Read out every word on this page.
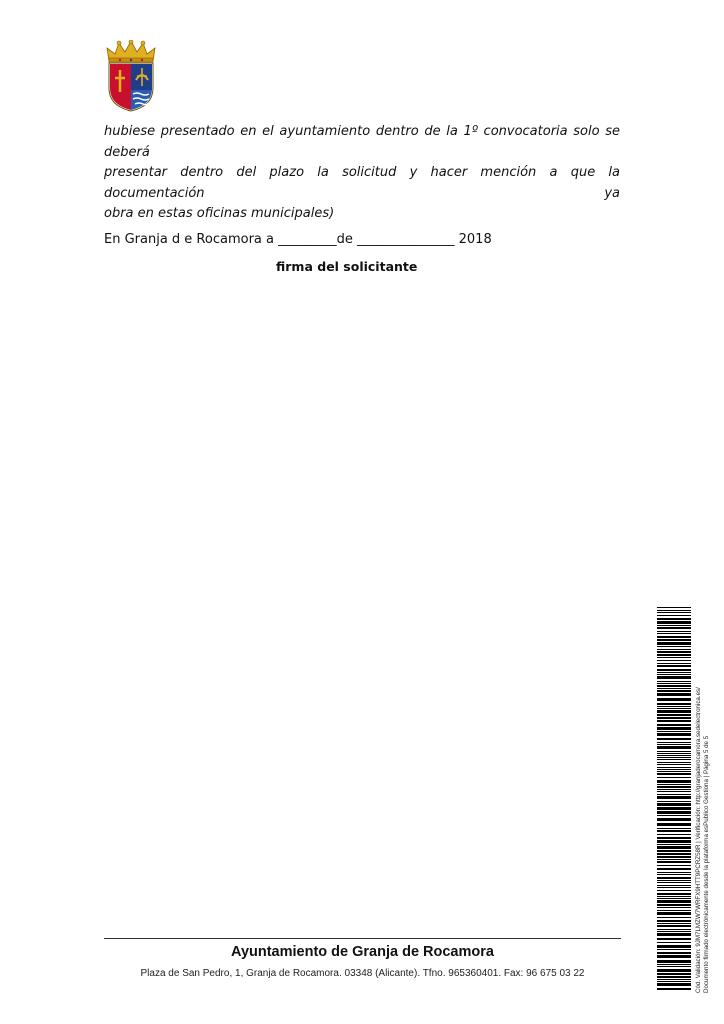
hubiese presentado en el ayuntamiento dentro de la 1º convocatoria solo se deberá
presentar dentro del plazo la solicitud y hacer mención a que la documentación ya
obra en estas oficinas municipales)
En Granja d e Rocamora a _________de _______________ 2018
firma del solicitante
Ayuntamiento de Granja de Rocamora
Plaza de San Pedro, 1, Granja de Rocamora. 03348 (Alicante). Tfno. 965360401. Fax: 96 675 03 22	Cód. Validación: 9JM7LMZW7WRFX9HTT9PCRZ58R | Verificación: http://granjaderocamora.sedelectronica.es/ Documento firmado electrónicamente desde la plataforma esPublico Gestiona | Página 5 de 5
